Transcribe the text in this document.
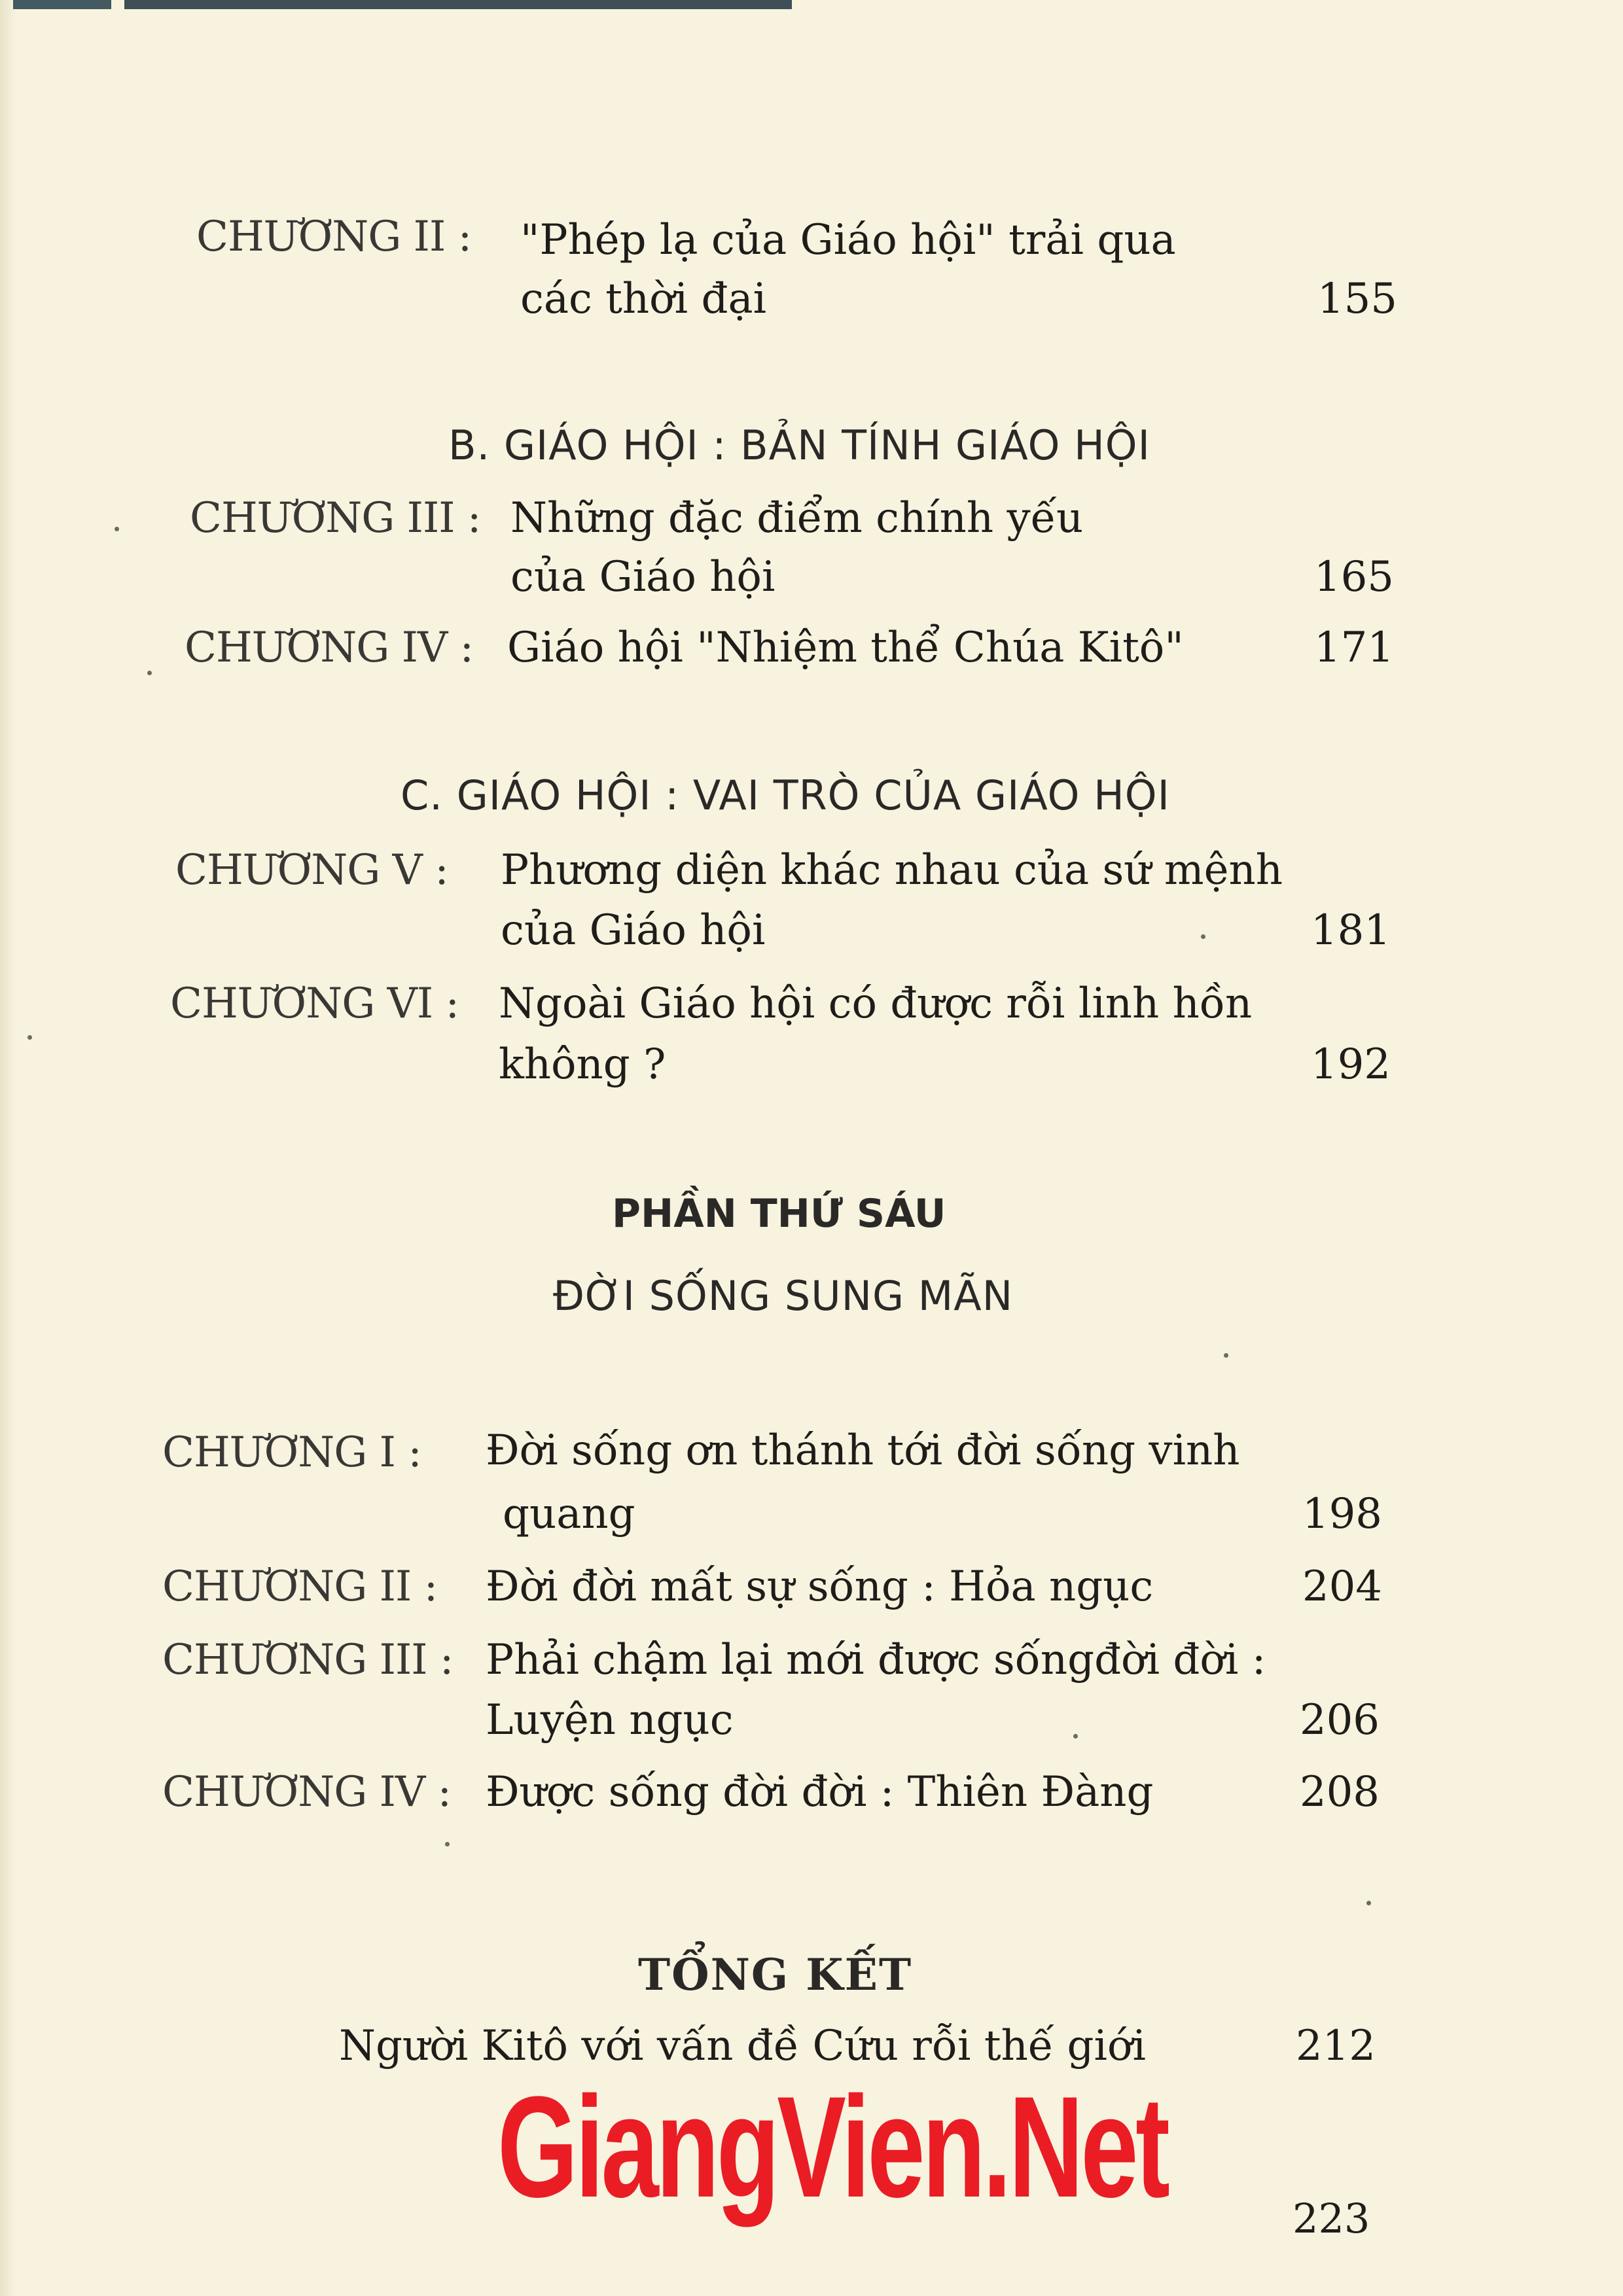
CHƯƠNG II : "Phép lạ của Giáo hội" trải qua
các thời đại	155
B. GIÁO HỘI : BẢN TÍNH GIÁO HỘI
CHƯƠNG III : Những đặc điểm chính yếu
của Giáo hội	165
CHƯƠNG IV : Giáo hội "Nhiệm thể Chúa Kitô"	171
C. GIÁO HỘI : VAI TRÒ CỦA GIÁO HỘI
CHƯƠNG V : Phương diện khác nhau của sứ mệnh
của Giáo hội	181
CHƯƠNG VI : Ngoài Giáo hội có được rỗi linh hồn
không ?	192
PHẦN THỨ SÁU
ĐỜI SỐNG SUNG MÃN
CHƯƠNG I : Đời sống ơn thánh tới đời sống vinh
quang	198
CHƯƠNG II : Đời đời mất sự sống : Hỏa ngục	204
CHƯƠNG III : Phải chậm lại mới được sốngđời đời :
Luyện ngục	206
CHƯƠNG IV : Được sống đời đời : Thiên Đàng	208
TỔNG KẾT
Người Kitô với vấn đề Cứu rỗi thế giới	212
GiangVien.Net	223
